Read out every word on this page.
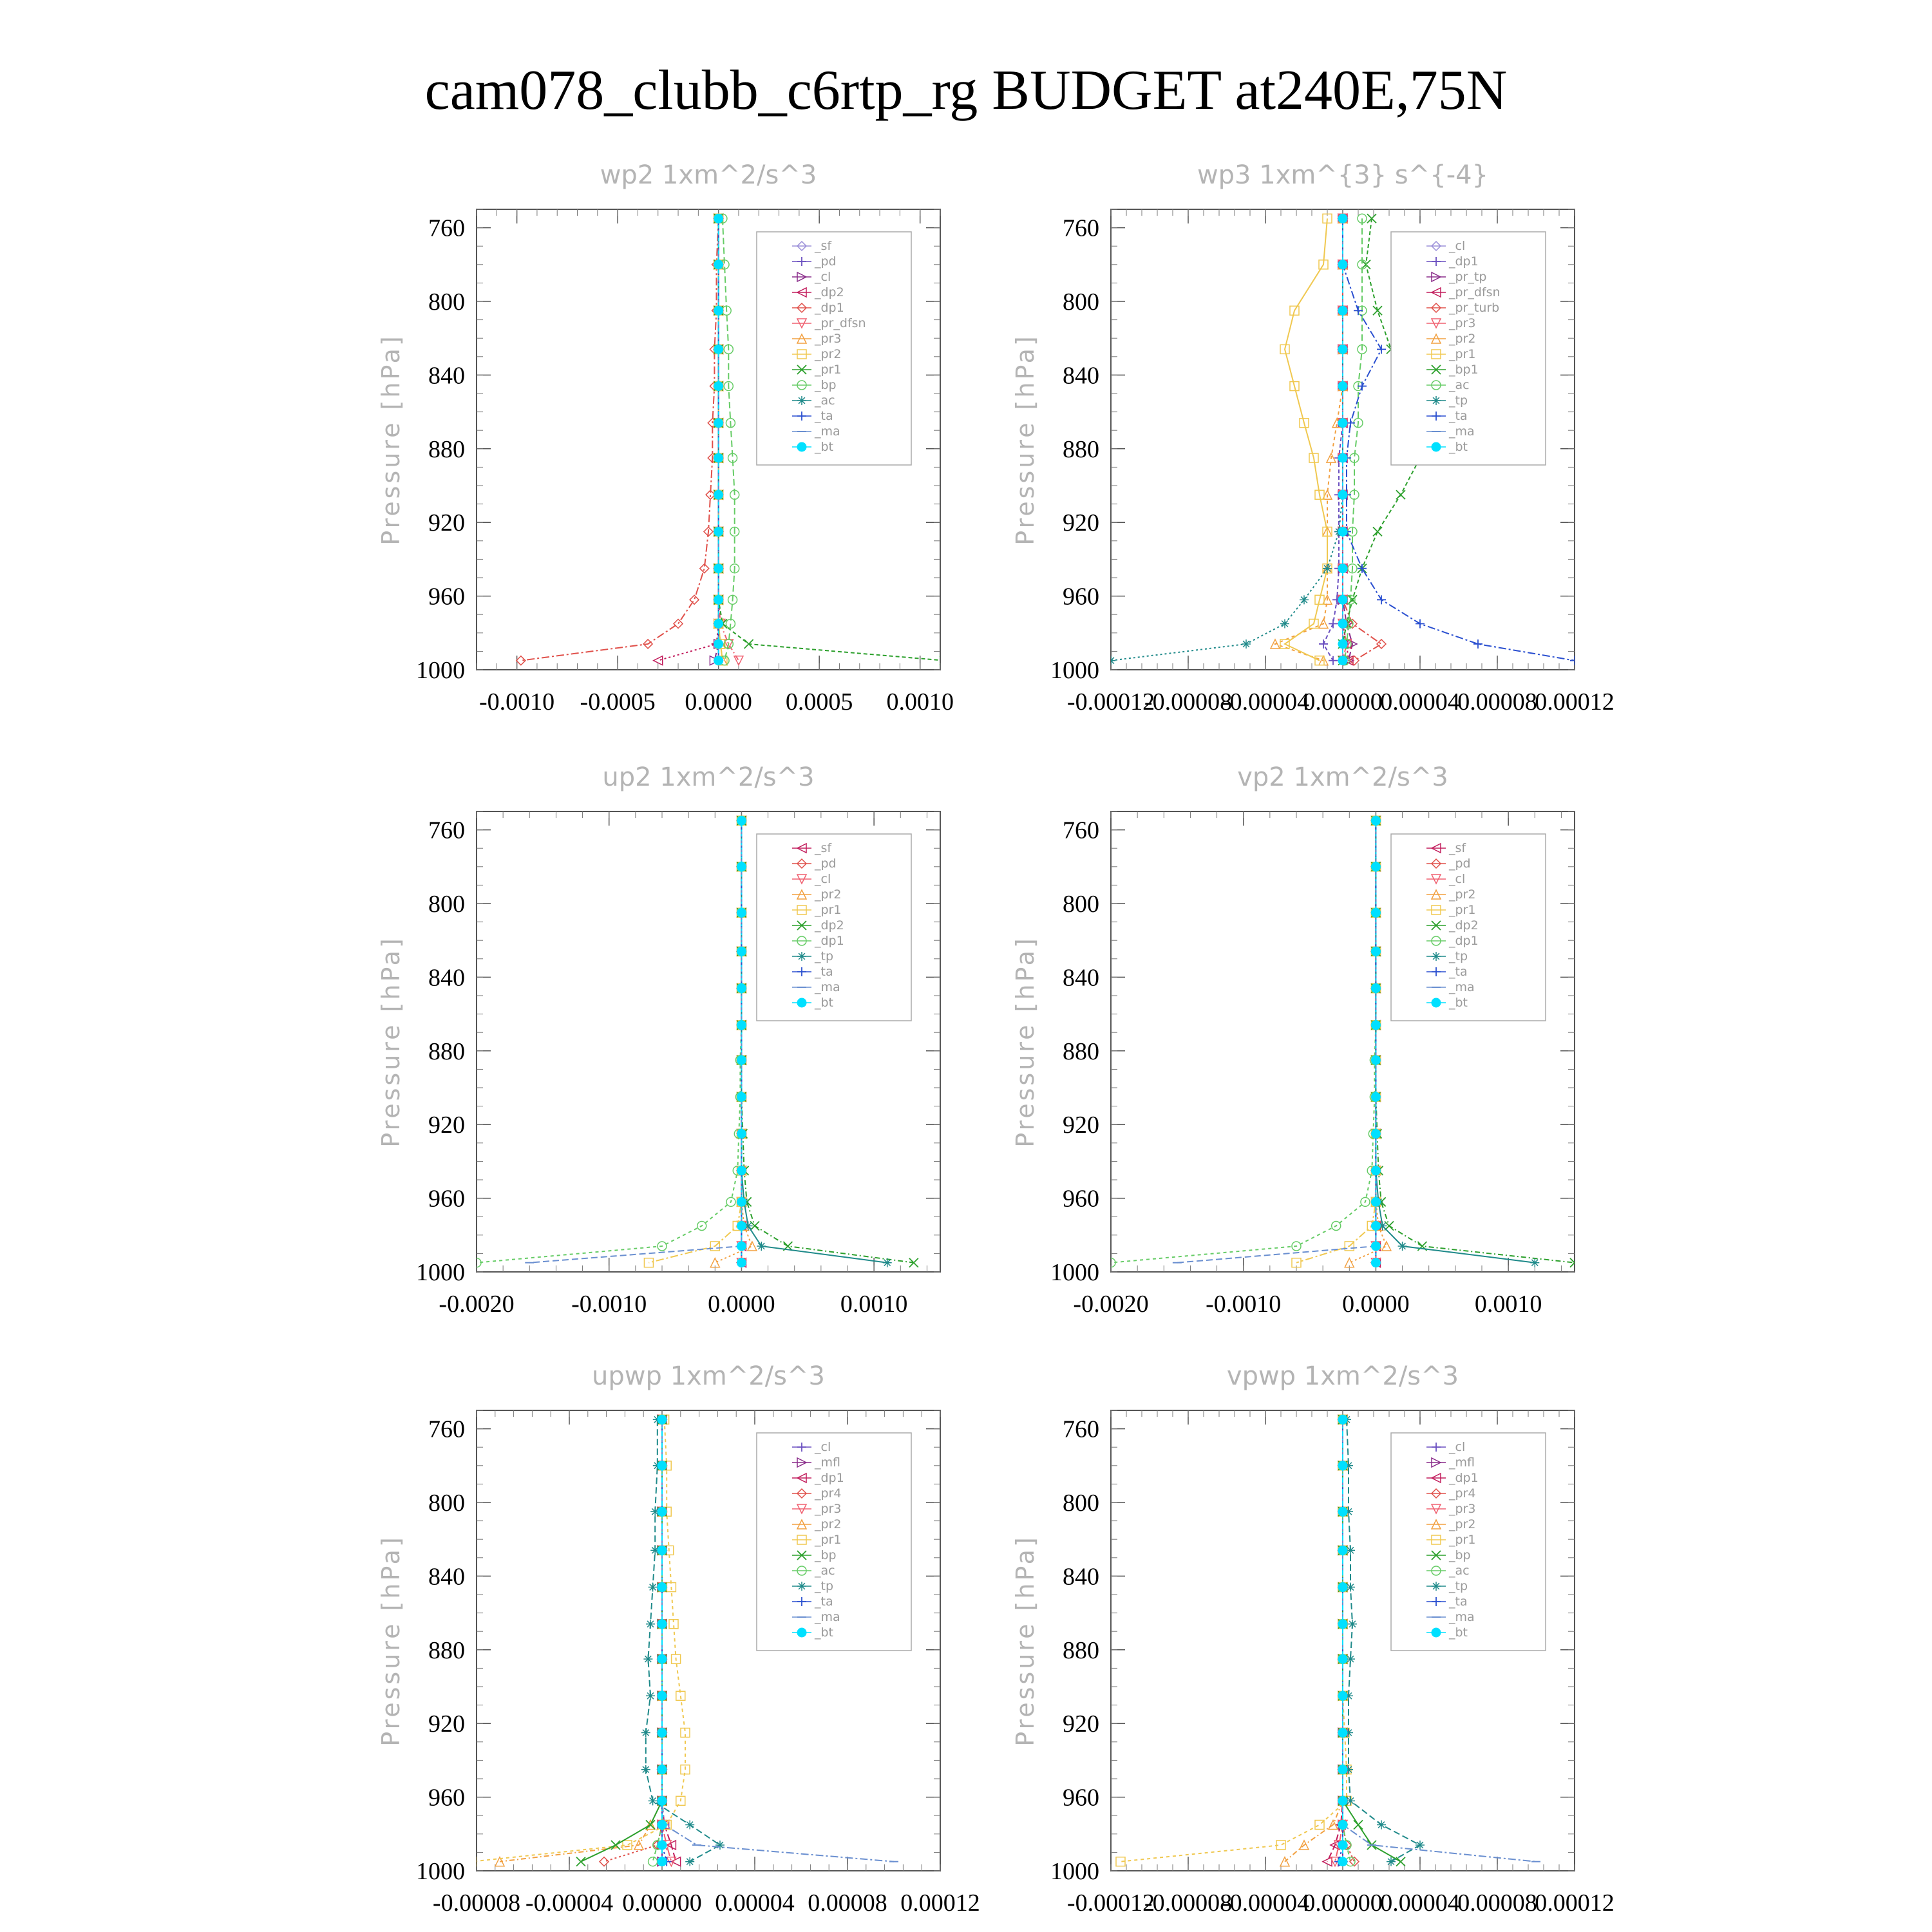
cam078_clubb_c6rtp_rg BUDGET at240E,75N
wp2 1xm^2/s^3
Pressure [hPa]
760
800
840
880
920
960
1000
-0.0010 -0.0005 0.0000 0.0005 0.0010
_sf
_pd
_cl
_dp2
_dp1
_pr_dfsn
_pr3
_pr2
_pr1
_bp
_ac
_ta
_ma
_bt
wp3 1xm^{3} s^{-4}
Pressure [hPa]
760
800
840
880
920
960
1000
-0.00012
-0.00008
-0.00004
0.00000
0.00004
0.00008
0.00012
_cl
_dp1
_pr_tp
_pr_dfsn
_pr_turb
_pr3
_pr2
_pr1
_bp1
_ac
_tp
_ta
_ma
_bt
up2 1xm^2/s^3
Pressure [hPa]
760
800
840
880
920
960
1000
-0.0020 -0.0010 0.0000	0.0010
_sf
_pd
_cl
_pr2
_pr1
_dp2
_dp1
_tp
_ta
_ma
_bt
vp2 1xm^2/s^3
Pressure [hPa]
760
800
840
880
920
960
1000
-0.0020 -0.0010 0.0000	0.0010
_sf
_pd
_cl
_pr2
_pr1
_dp2
_dp1
_tp
_ta
_ma
_bt
upwp 1xm^2/s^3
Pressure [hPa]
760
800
840
880
920
960
1000
-0.00008 -0.00004 0.00000 0.00004 0.00008 0.00012
_cl
_mfl
_dp1
_pr4
_pr3
_pr2
_pr1
_bp
_ac
_tp
_ta
_ma
_bt
vpwp 1xm^2/s^3
Pressure [hPa]
760
800
840
880
920
960
1000
-0.00012
-0.00008
-0.00004
0.00000
0.00004
0.00008
0.00012
_cl
_mfl
_dp1
_pr4
_pr3
_pr2
_pr1
_bp
_ac
_tp
_ta
_ma
_bt
